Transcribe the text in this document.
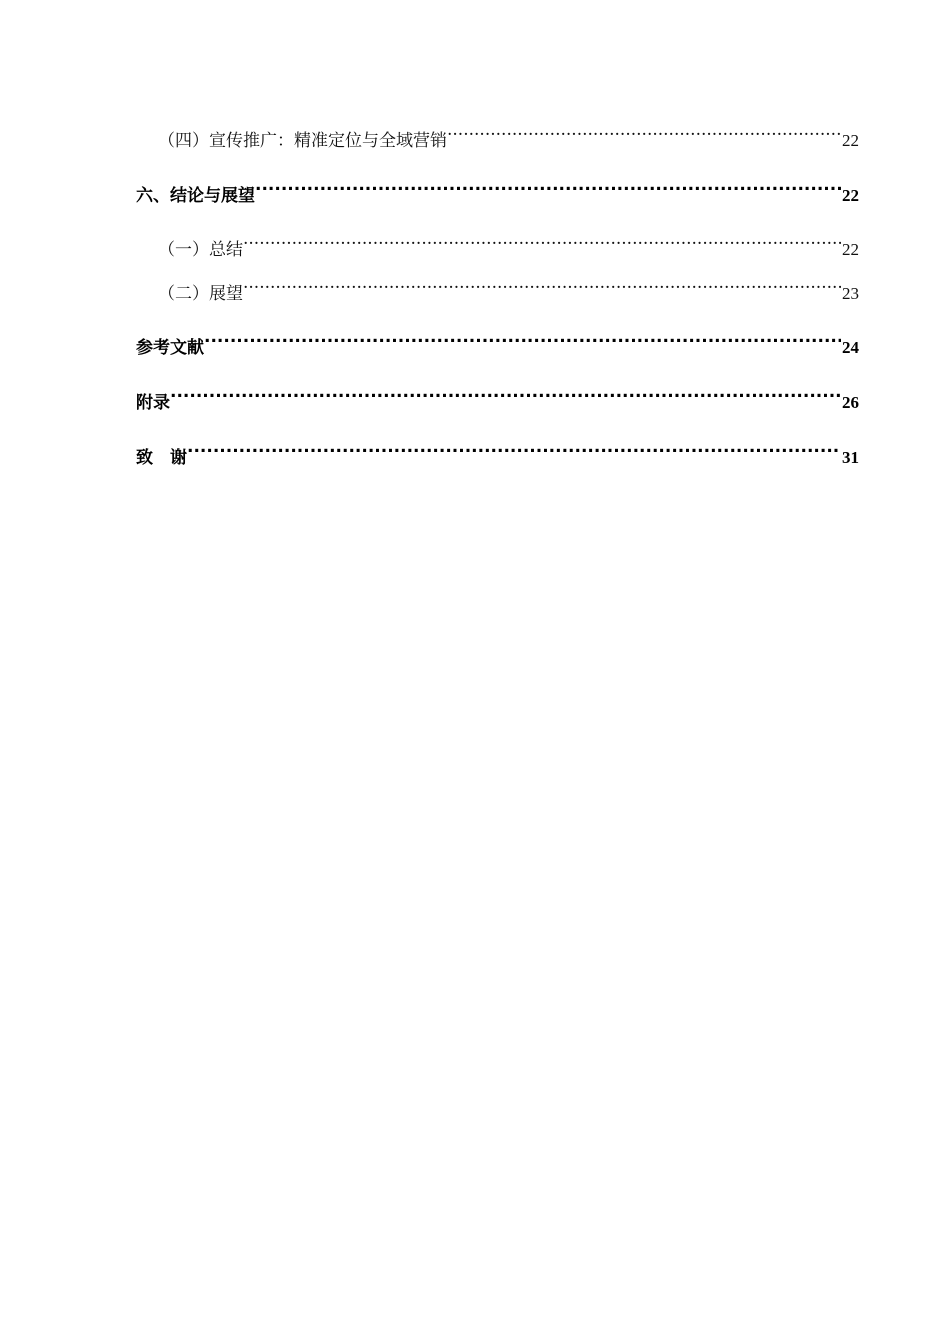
（四）宣传推广：精准定位与全域营销 .....	22
六、结论与展望 .....	22
（一）总结 .....	22
（二）展望 .....	23
参考文献 .....	24
附录 .....	26
致　谢 .....	31
